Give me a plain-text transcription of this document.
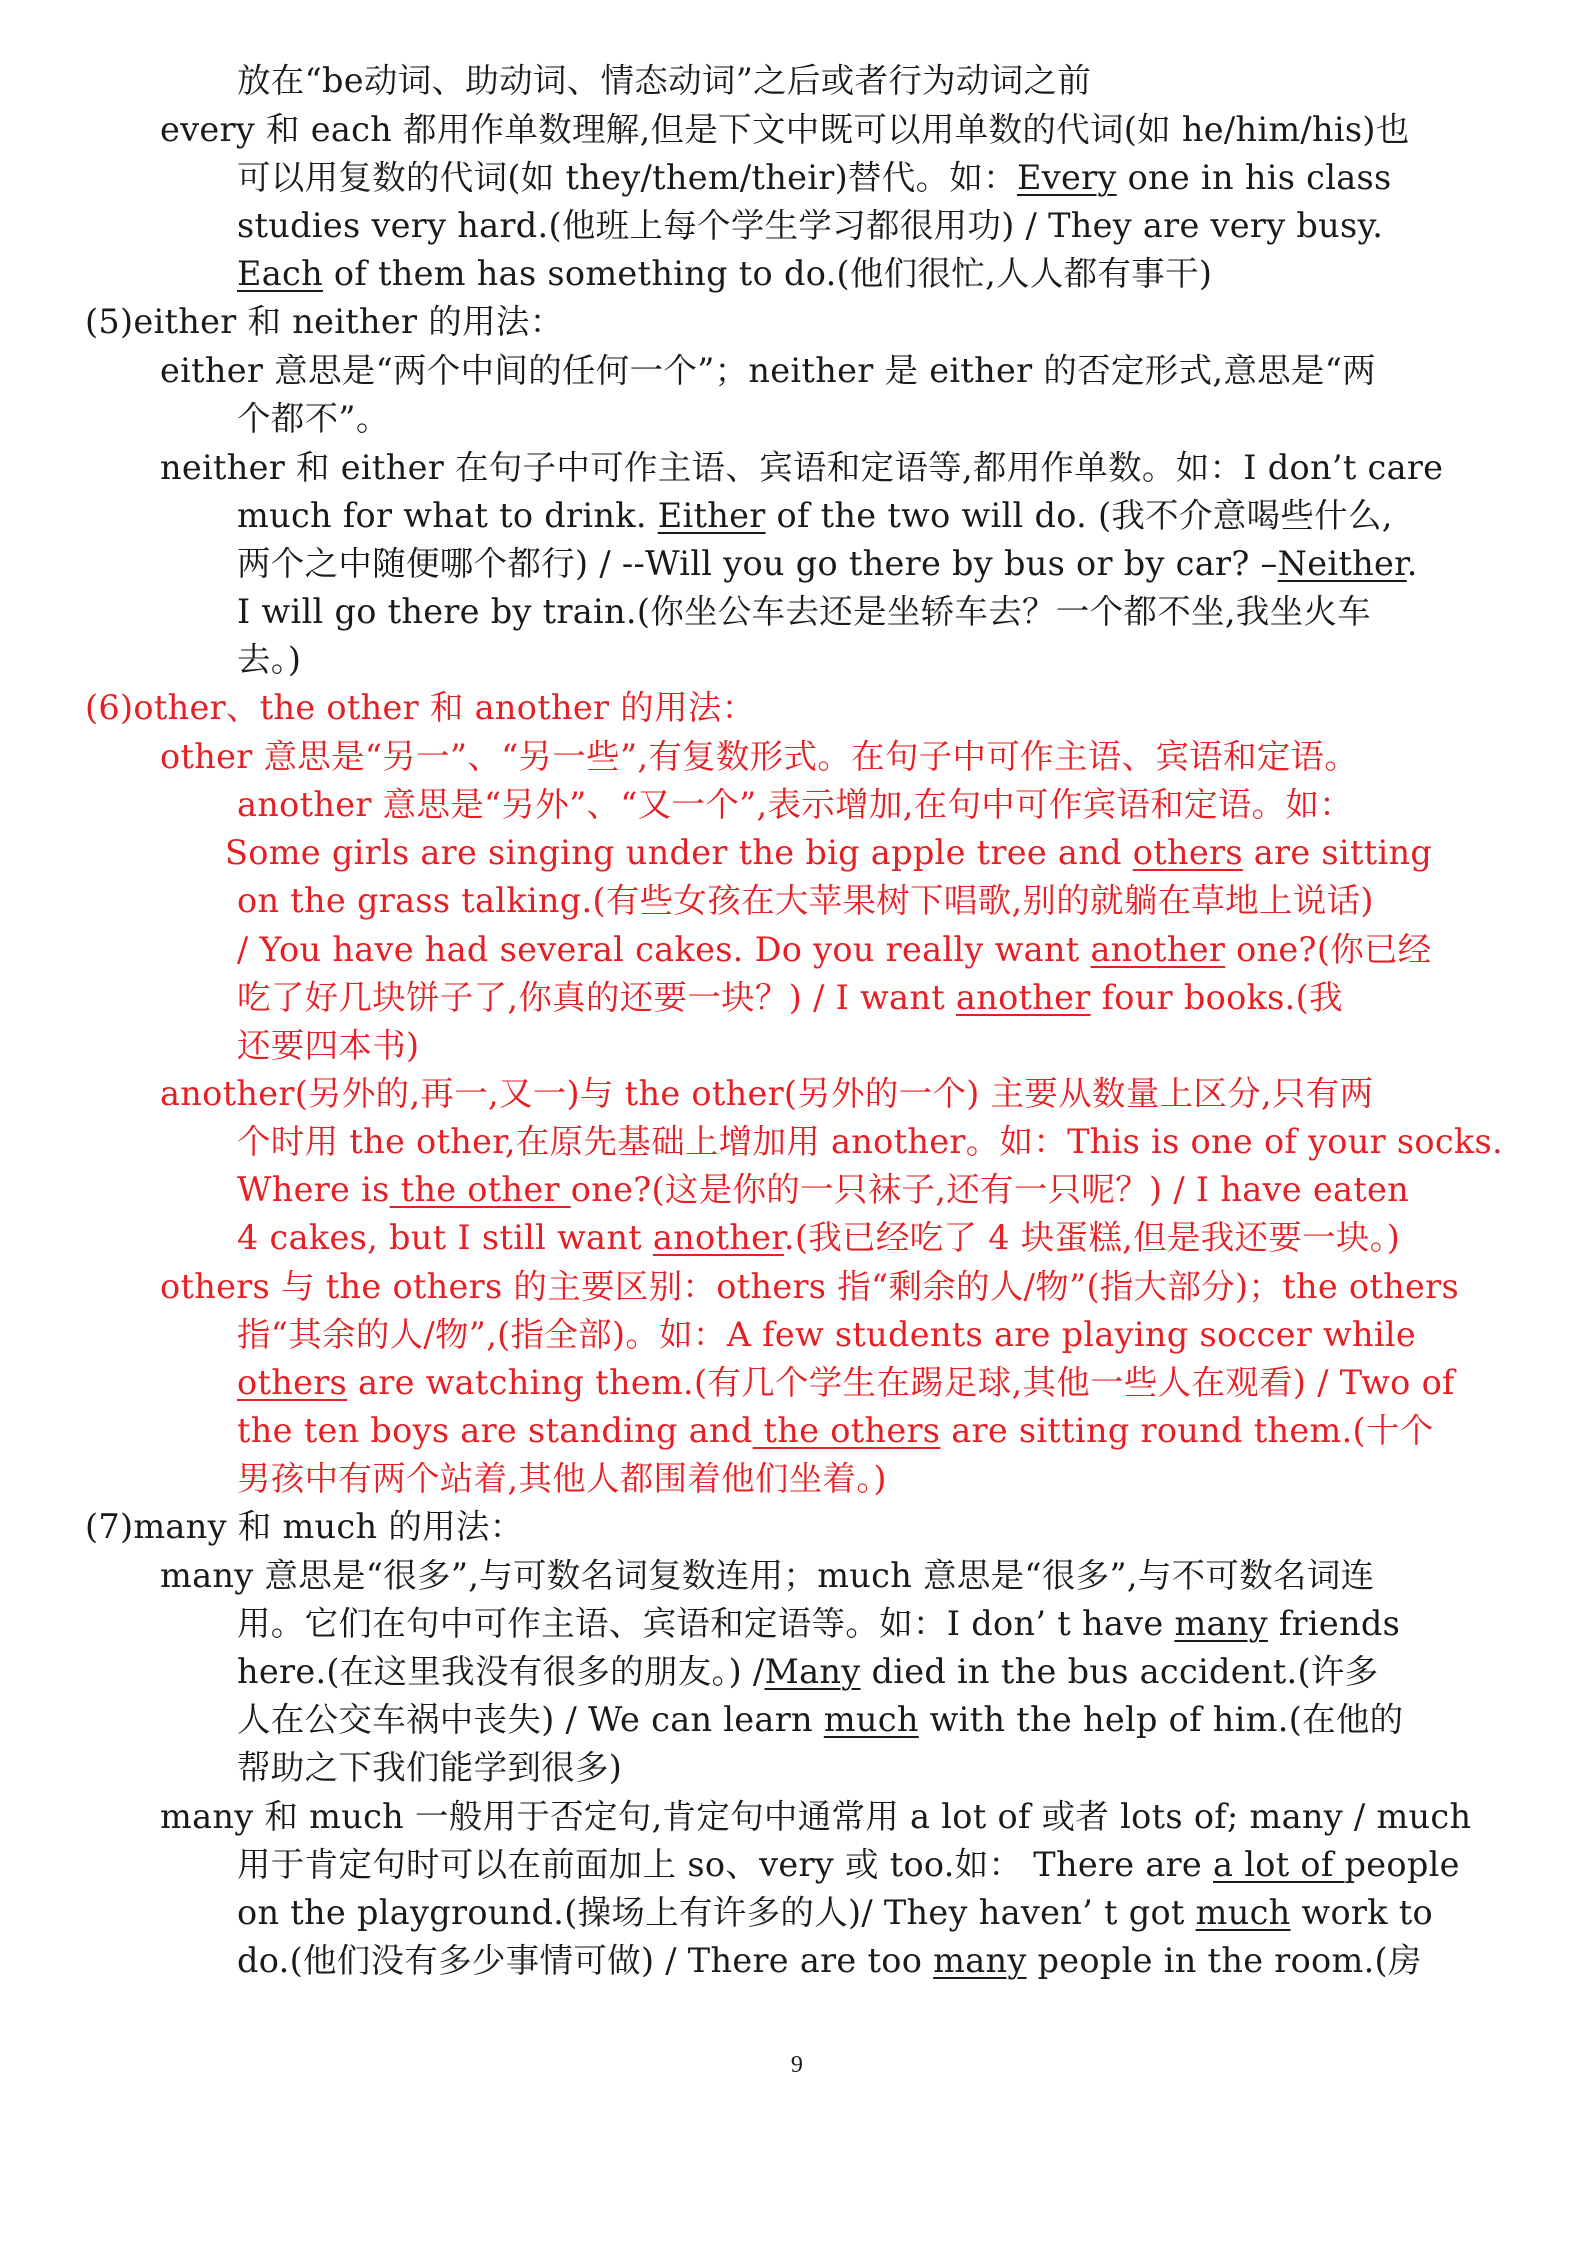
放在“be动词、助动词、情态动词”之后或者行为动词之前
every 和 each 都用作单数理解,但是下文中既可以用单数的代词(如 he/him/his)也
可以用复数的代词(如 they/them/their)替代。如：Every one in his class
studies very hard.(他班上每个学生学习都很用功) / They are very busy.
Each of them has something to do.(他们很忙,人人都有事干)
(5)either 和 neither 的用法：
either 意思是“两个中间的任何一个”；neither 是 either 的否定形式,意思是“两
个都不”。
neither 和 either 在句子中可作主语、宾语和定语等,都用作单数。如：I don’t care
much for what to drink. Either of the two will do. (我不介意喝些什么,
两个之中随便哪个都行) / --Will you go there by bus or by car? –Neither.
I will go there by train.(你坐公车去还是坐轿车去？一个都不坐,我坐火车
去。)
(6)other、the other 和 another 的用法：
other 意思是“另一”、“另一些”,有复数形式。在句子中可作主语、宾语和定语。
another 意思是“另外”、“又一个”,表示增加,在句中可作宾语和定语。如：
Some girls are singing under the big apple tree and others are sitting
on the grass talking.(有些女孩在大苹果树下唱歌,别的就躺在草地上说话)
/ You have had several cakes. Do you really want another one?(你已经
吃了好几块饼子了,你真的还要一块？) / I want another four books.(我
还要四本书)
another(另外的,再一,又一)与 the other(另外的一个) 主要从数量上区分,只有两
个时用 the other,在原先基础上增加用 another。如：This is one of your socks.
Where is the other one?(这是你的一只袜子,还有一只呢？) / I have eaten
4 cakes, but I still want another.(我已经吃了 4 块蛋糕,但是我还要一块。)
others 与 the others 的主要区别：others 指“剩余的人/物”(指大部分)；the others
指“其余的人/物”,(指全部)。如：A few students are playing soccer while
others are watching them.(有几个学生在踢足球,其他一些人在观看) / Two of
the ten boys are standing and the others are sitting round them.(十个
男孩中有两个站着,其他人都围着他们坐着。)
(7)many 和 much 的用法：
many 意思是“很多”,与可数名词复数连用；much 意思是“很多”,与不可数名词连
用。它们在句中可作主语、宾语和定语等。如：I don’ t have many friends
here.(在这里我没有很多的朋友。) /Many died in the bus accident.(许多
人在公交车祸中丧失) / We can learn much with the help of him.(在他的
帮助之下我们能学到很多)
many 和 much 一般用于否定句,肯定句中通常用 a lot of 或者 lots of; many / much
用于肯定句时可以在前面加上 so、very 或 too.如： There are a lot of people
on the playground.(操场上有许多的人)/ They haven’ t got much work to
do.(他们没有多少事情可做) / There are too many people in the room.(房
9
